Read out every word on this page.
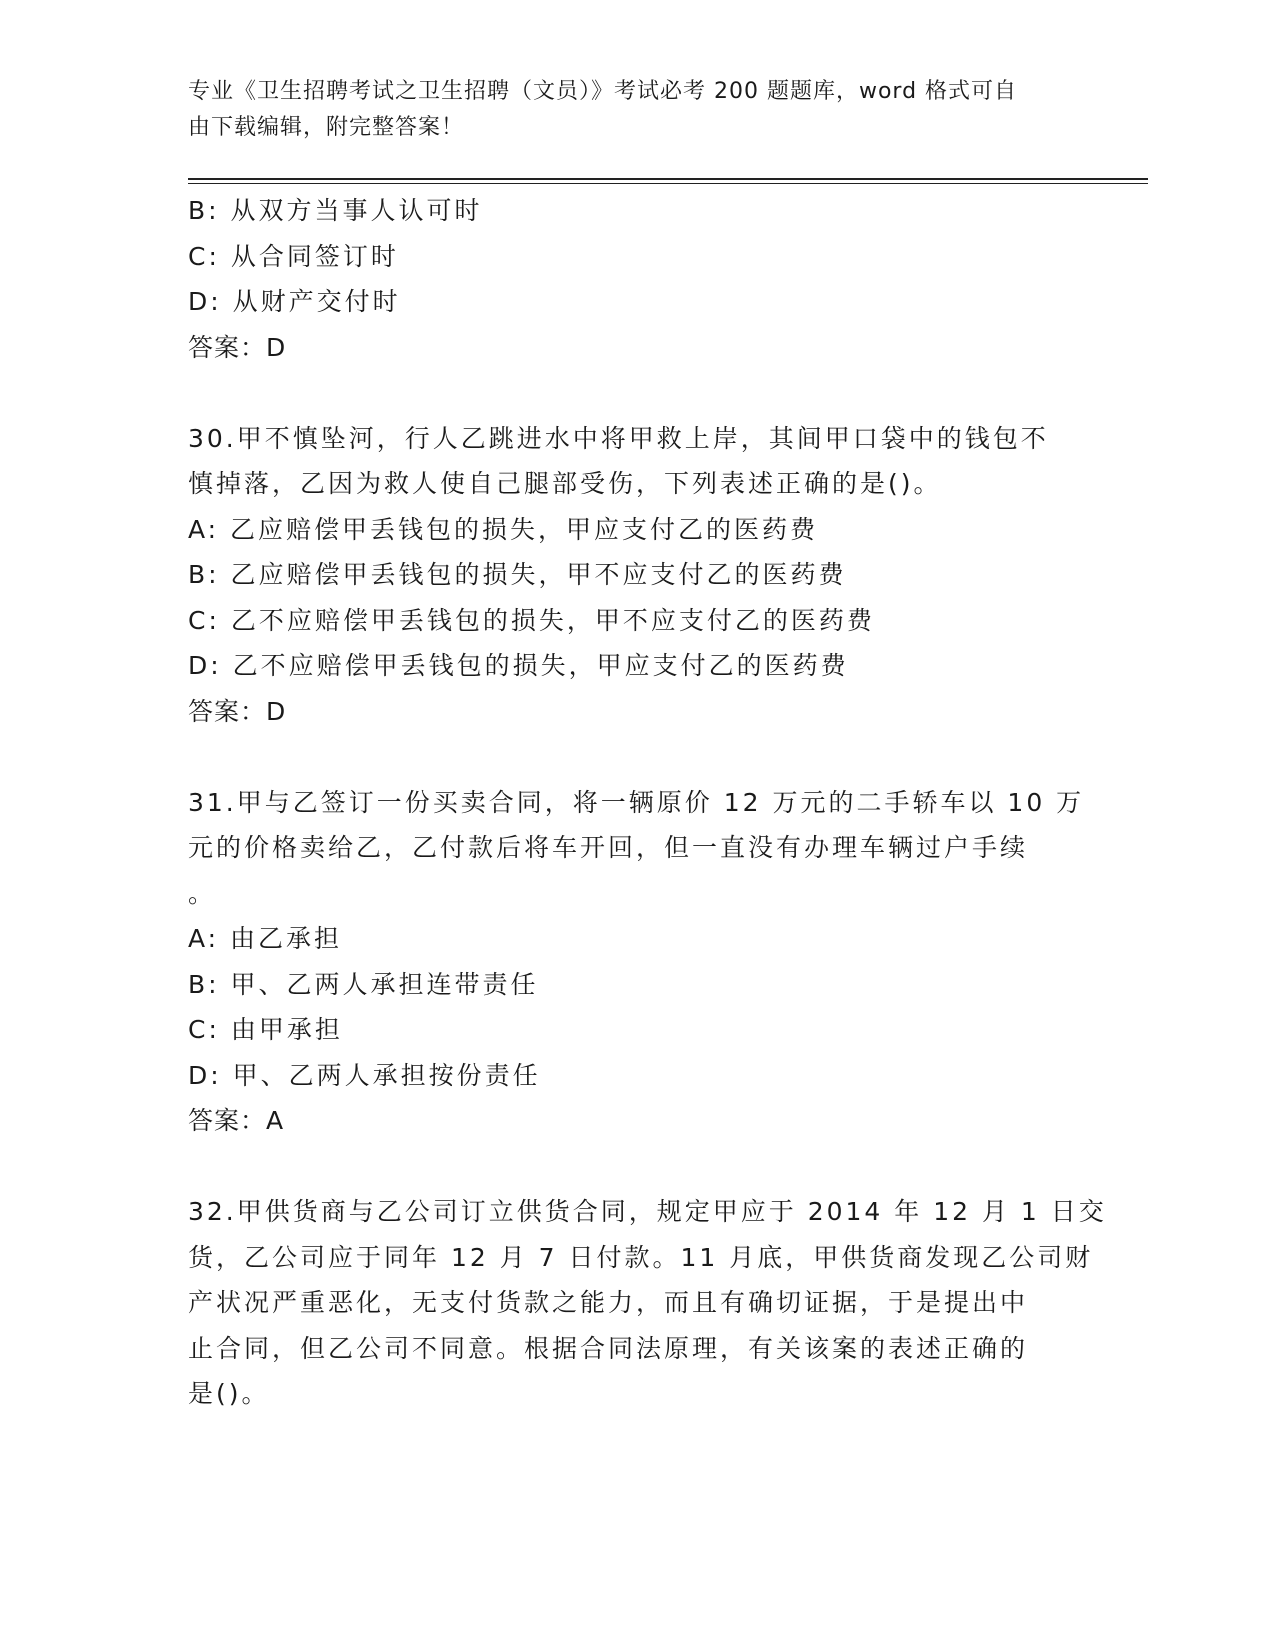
专业《卫生招聘考试之卫生招聘（文员）》考试必考 200 题题库，word 格式可自
由下载编辑，附完整答案！
B: 从双方当事人认可时
C: 从合同签订时
D: 从财产交付时
答案：D
30.甲不慎坠河，行人乙跳进水中将甲救上岸，其间甲口袋中的钱包不
慎掉落，乙因为救人使自己腿部受伤，下列表述正确的是()。
A: 乙应赔偿甲丢钱包的损失，甲应支付乙的医药费
B: 乙应赔偿甲丢钱包的损失，甲不应支付乙的医药费
C: 乙不应赔偿甲丢钱包的损失，甲不应支付乙的医药费
D: 乙不应赔偿甲丢钱包的损失，甲应支付乙的医药费
答案：D
31.甲与乙签订一份买卖合同，将一辆原价 12 万元的二手轿车以 10 万
元的价格卖给乙，乙付款后将车开回，但一直没有办理车辆过户手续
。
A: 由乙承担
B: 甲、乙两人承担连带责任
C: 由甲承担
D: 甲、乙两人承担按份责任
答案：A
32.甲供货商与乙公司订立供货合同，规定甲应于 2014 年 12 月 1 日交
货，乙公司应于同年 12 月 7 日付款。11 月底，甲供货商发现乙公司财
产状况严重恶化，无支付货款之能力，而且有确切证据，于是提出中
止合同，但乙公司不同意。根据合同法原理，有关该案的表述正确的
是()。
